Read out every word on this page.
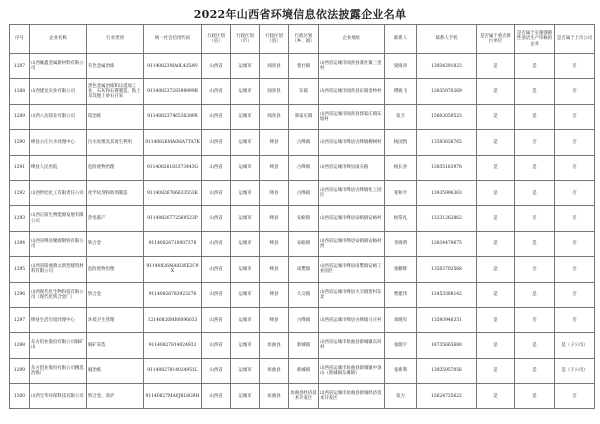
2022年山西省环境信息依法披露企业名单
序号	企业名称	行业类别	统一社会信用代码	行政区划（省）	行政区划（市）	行政区划（县）	行政区划（乡、镇）	企业地址	联系人	联系人手机	是否属于重点排污单位	是否属于实施强制性清洁生产审核的企业	是否属于上市公司
1287	山西雁鑫金属新材料有限公司	有色金属冶炼	91140823MA0L4354N	山西省	运城市	闻喜县	裴社镇	山西省运城市闻喜县裴社镇三里村	梁海涛	13934291823	是	是	否
1288	山西建龙实业有限公司	黑色金属冶炼和压延加工业，石灰和石膏制造，粘土及其他土砂石开采	91140823729398999B	山西省	运城市	闻喜县	东镇	山西省运城市闻喜县东镇金岭村	傅锐飞	13835970269	是	是	否
1289	山西八达镁业有限公司	镁冶炼	91140823746536389X	山西省	运城市	闻喜县	郭家庄镇	山西省运城市闻喜县郭家庄镇东坡村	张卫	15603059523	是	是	否
1290	绛县公庄污水处理中心	污水处理及其再生利用	91140826MA0HA7TA7K	山西省	运城市	绛县	古绛镇	山西省运城市绛县古绛镇柳树村	杨国凯	13593638765	是	否	否
1291	绛县人民医院	危险废物治理	91140826183373443G	山西省	运城市	绛县	古绛镇	山西省运城市绛县南关路	杨长喜	13835183978	是	是	否
1292	山西世纪化工有限责任公司	化学试剂和助剂制造	91140826766633553K	山西省	运城市	绛县	古绛镇	山西省运城市绛县古绛镇化工园区	张和平	13935996363	是	是	否
1293	山西正阳生物能源发展有限公司	热电联产	91140826772569523P	山西省	运城市	绛县	安峪镇	山西省运城市绛县安峪镇安峪村	杨常礼	13231262862	是	否	否
1294	山西省绛县聚源钢铁有限公司	铁合金	91140826710007378	山西省	运城市	绛县	安峪镇	山西省运城市绛县安峪镇安峪村西	李海明	13834479675	是	是	否
1295	山西省阳曲燕文新型建筑材料有限公司	危险废物治理	91140826MA0LWE2C9X	山西省	运城市	绛县	南樊镇	山西省运城市绛县南樊镇安峪工业园区	张鹏辉	13503792568	是	否	否
1296	山西现代化生物科技有限公司（现代化铁合金厂）	铁合金	91140826783923276	山西省	运城市	绛县	大交镇	山西省运城市绛县大交镇贺村东北	曹建伟	13453388142	是	是	否
1297	绛县生活垃圾处理中心	环境卫生管理	12140826MB0096033	山西省	运城市	绛县	古绛镇	山西省运城市绛县古绛镇马庄村	刘晓军	13593946331	是	否	否
1298	东方铝业股份有限公司铜矿山	铜矿采选	91140827814024932	山西省	运城市	垣曲县	新城镇	山西省运城市垣曲县新城镇东河村	张晓宇	18735665680	是	是	是（子公司）
1299	东方铝业股份有限公司精选冶炼厂	铜冶炼	91140827814024951L	山西省	运城市	垣曲县	新城镇	山西省运城市垣曲县新城镇中条山（新城镇东滩镇）	张新利	13935957056	是	是	是（子公司）
1300	山西宝华环保科技有限公司	铁合金、高炉	91140827MA0JBL0G9H	山西省	运城市	垣曲县	垣曲县经济技术开发区	山西省运城市垣曲县新城经济技术开发区	张力	15624725622	是	是	否
